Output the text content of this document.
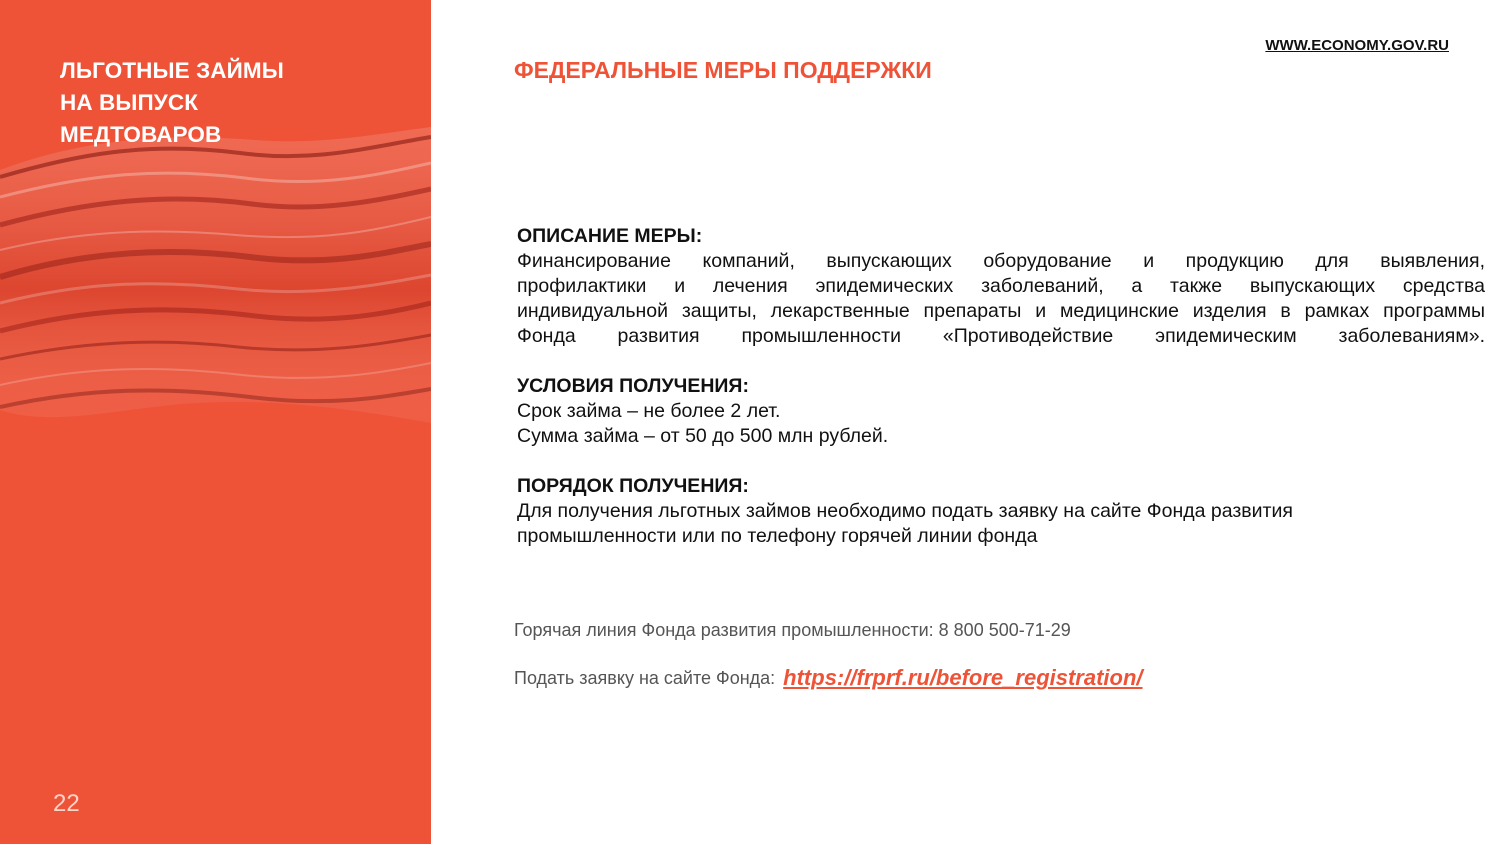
ЛЬГОТНЫЕ ЗАЙМЫ
НА ВЫПУСК
МЕДТОВАРОВ
22
WWW.ECONOMY.GOV.RU
ФЕДЕРАЛЬНЫЕ МЕРЫ ПОДДЕРЖКИ
ОПИСАНИЕ МЕРЫ:
Финансирование компаний, выпускающих оборудование и продукцию для выявления,
профилактики и лечения эпидемических заболеваний, а также выпускающих средства
индивидуальной защиты, лекарственные препараты и медицинские изделия в рамках программы
Фонда развития промышленности «Противодействие эпидемическим заболеваниям».
УСЛОВИЯ ПОЛУЧЕНИЯ:
Срок займа – не более 2 лет.
Сумма займа – от 50 до 500 млн рублей.
ПОРЯДОК ПОЛУЧЕНИЯ:
Для получения льготных займов необходимо подать заявку на сайте Фонда развития
промышленности или по телефону горячей линии фонда
Горячая линия Фонда развития промышленности: 8 800 500-71-29
Подать заявку на сайте Фонда: https://frprf.ru/before_registration/
